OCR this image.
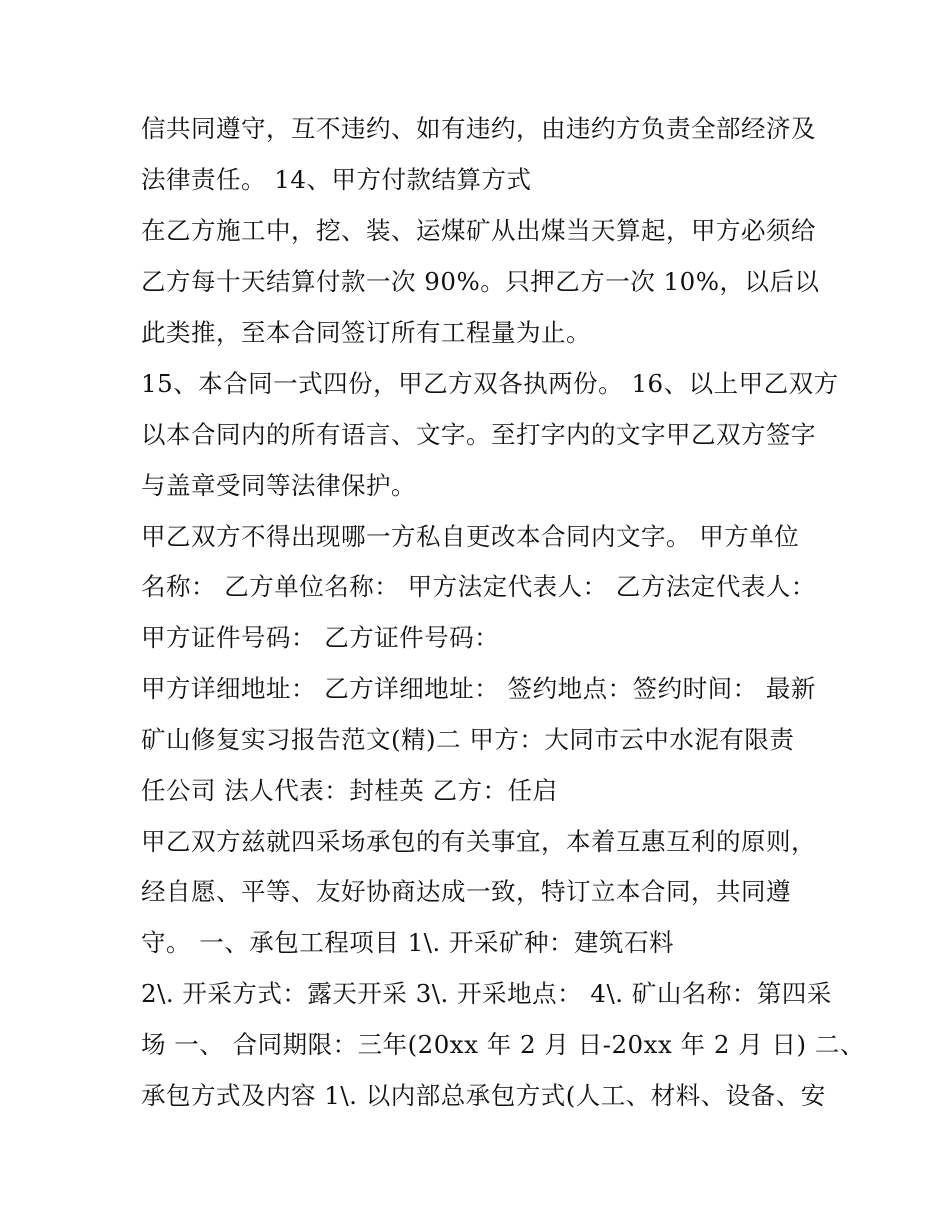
信共同遵守，互不违约、如有违约，由违约方负责全部经济及
法律责任。 14、甲方付款结算方式
在乙方施工中，挖、装、运煤矿从出煤当天算起，甲方必须给
乙方每十天结算付款一次 90%。只押乙方一次 10%，以后以
此类推，至本合同签订所有工程量为止。
15、本合同一式四份，甲乙方双各执两份。 16、以上甲乙双方
以本合同内的所有语言、文字。至打字内的文字甲乙双方签字
与盖章受同等法律保护。
甲乙双方不得出现哪一方私自更改本合同内文字。 甲方单位
名称： 乙方单位名称： 甲方法定代表人： 乙方法定代表人：
甲方证件号码： 乙方证件号码：
甲方详细地址： 乙方详细地址： 签约地点：签约时间： 最新
矿山修复实习报告范文(精)二 甲方：大同市云中水泥有限责
任公司 法人代表：封桂英 乙方：任启
甲乙双方兹就四采场承包的有关事宜，本着互惠互利的原则，
经自愿、平等、友好协商达成一致，特订立本合同，共同遵
守。 一、承包工程项目 1\. 开采矿种：建筑石料
2\. 开采方式：露天开采 3\. 开采地点： 4\. 矿山名称：第四采
场 一、 合同期限：三年(20xx 年 2 月 日-20xx 年 2 月 日) 二、
承包方式及内容 1\. 以内部总承包方式(人工、材料、设备、安
